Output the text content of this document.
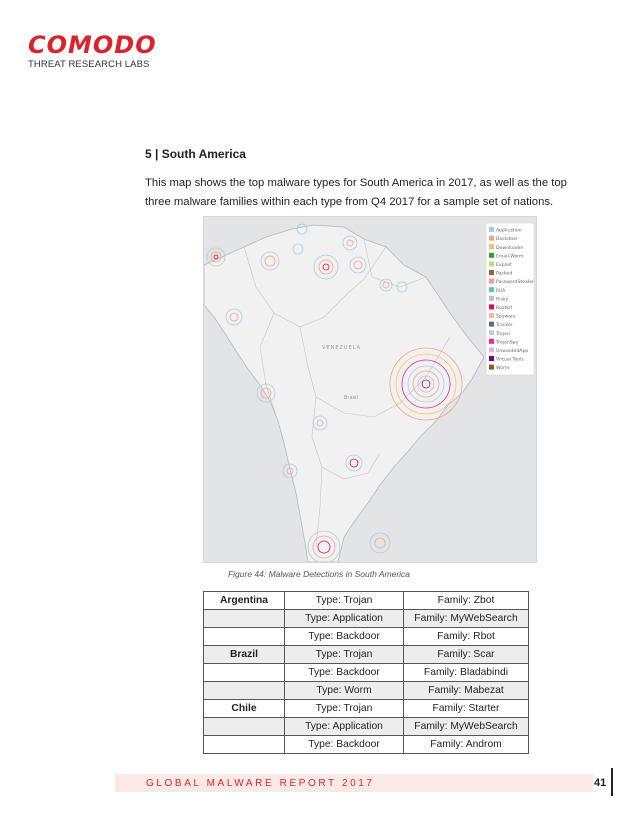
COMODO
THREAT RESEARCH LABS
5 | South America
This map shows the top malware types for South America in 2017, as well as the top three malware families within each type from Q4 2017 for a sample set of nations.
VENEZUELA
Brasil
Application
Backdoor
Downloader
Email-Worm
Exploit
Packed
PasswordStealer
PUA
Risky
Rootkit
Spyware
Tracker
Trojan
TrojanSpy
UnwantedApp
Virtual Tools
Worm
Figure 44: Malware Detections in South America
Argentina	Type: Trojan	Family: Zbot
	Type: Application	Family: MyWebSearch
	Type: Backdoor	Family: Rbot
Brazil	Type: Trojan	Family: Scar
	Type: Backdoor	Family: Bladabindi
	Type: Worm	Family: Mabezat
Chile	Type: Trojan	Family: Starter
	Type: Application	Family: MyWebSearch
	Type: Backdoor	Family: Androm
GLOBAL MALWARE REPORT 2017	41
